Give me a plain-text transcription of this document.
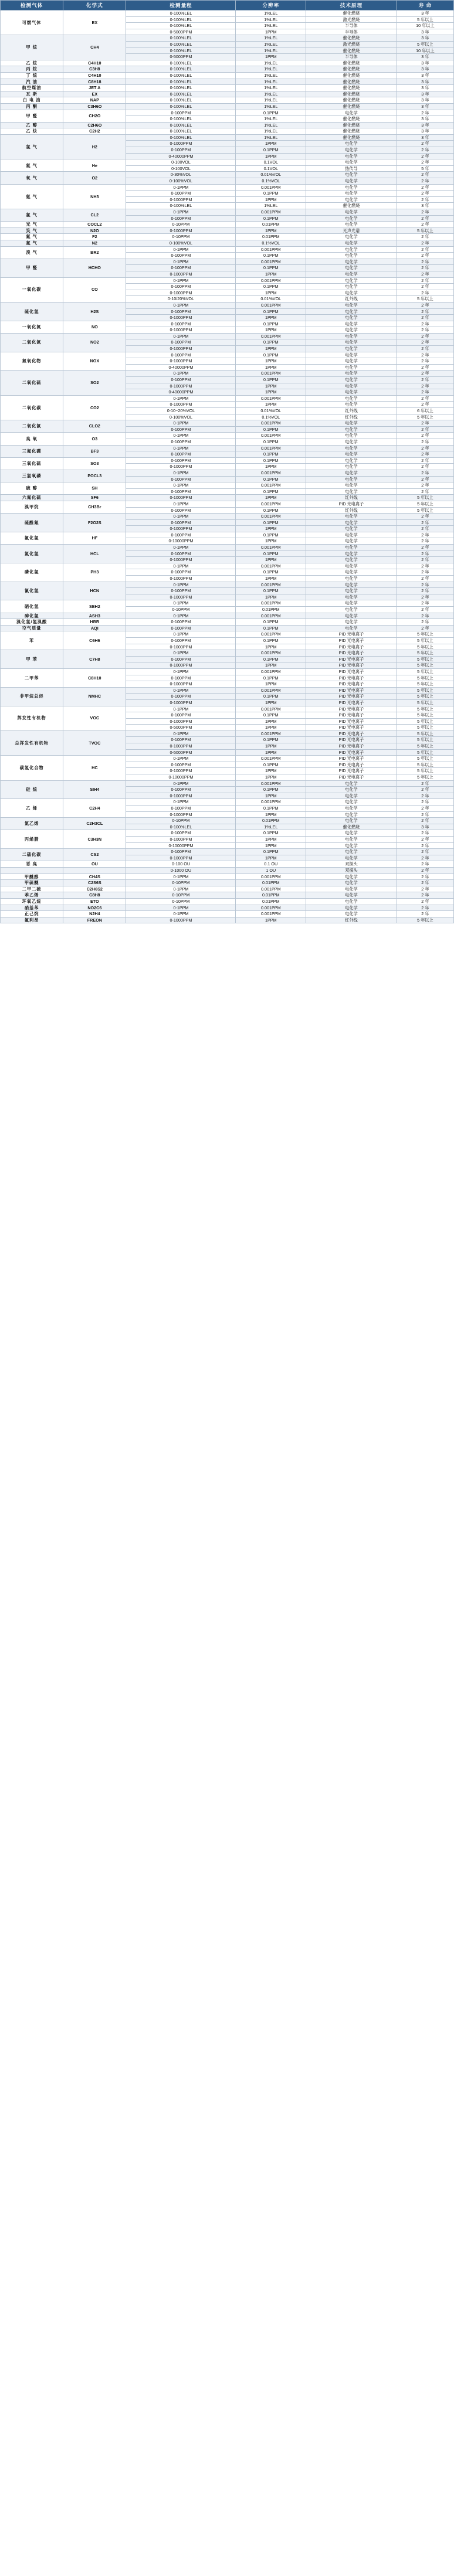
检测气体	化学式	检测量程	分辨率	技术原理	寿 命
可燃气体	EX	0-100%LEL	1%LEL	催化燃烧	3 年
		0-100%LEL	1%LEL	激光燃烧	5 年以上
		0-100%LEL	1%LEL	半导体	10 年以上
		0-5000PPM	1PPM	半导体	3 年
甲 烷	CH4	0-100%LEL	1%LEL	催化燃烧	3 年
		0-100%LEL	1%LEL	激光燃烧	5 年以上
		0-100%LEL	1%LEL	催化燃烧	10 年以上
		0-5000PPM	1PPM	半导体	3 年
乙 烷	C4H10	0-100%LEL	1%LEL	催化燃烧	3 年
丙 烷	C3H8	0-100%LEL	1%LEL	催化燃烧	3 年
丁 烷	C4H10	0-100%LEL	1%LEL	催化燃烧	3 年
汽 油	C8H18	0-100%LEL	1%LEL	催化燃烧	3 年
航空煤油	JET A	0-100%LEL	1%LEL	催化燃烧	3 年
瓦 斯	EX	0-100%LEL	1%LEL	催化燃烧	3 年
白 电 油	NAP	0-100%LEL	1%LEL	催化燃烧	3 年
丙 酮	C3H6O	0-100%LEL	1%LEL	催化燃烧	3 年
甲 醛	CH2O	0-100PPM	0.1PPM	电化学	2 年
		0-100%LEL	1%LEL	催化燃烧	3 年
乙 醇	C2H6O	0-100%LEL	1%LEL	催化燃烧	3 年
乙 炔	C2H2	0-100%LEL	1%LEL	催化燃烧	3 年
氢 气	H2	0-100%LEL	1%LEL	催化燃烧	3 年
		0-1000PPM	1PPM	电化学	2 年
		0-100PPM	0.1PPM	电化学	2 年
		0-40000PPM	1PPM	电化学	2 年
氦 气	He	0-100VOL	0.1VOL	电化学	2 年
		0-100VOL	0.1VOL	热传导	5 年
氧 气	O2	0-30%VOL	0.01%VOL	电化学	2 年
		0-100%VOL	0.1%VOL	电化学	2 年
氨 气	NH3	0-1PPM	0.001PPM	电化学	2 年
		0-100PPM	0.1PPM	电化学	2 年
		0-1000PPM	1PPM	电化学	2 年
		0-100%LEL	1%LEL	催化燃烧	3 年
氯 气	CL2	0-1PPM	0.001PPM	电化学	2 年
		0-100PPM	0.1PPM	电化学	2 年
光 气	COCL2	0-10PPM	0.01PPM	电化学	2 年
笑 气	N2O	0-1000PPM	1PPM	光声光谱	5 年以上
氟 气	F2	0-10PPM	0.01PPM	电化学	2 年
氮 气	N2	0-100%VOL	0.1%VOL	电化学	2 年
溴 气	BR2	0-1PPM	0.001PPM	电化学	2 年
		0-100PPM	0.1PPM	电化学	2 年
甲 醛	HCHO	0-1PPM	0.001PPM	电化学	2 年
		0-100PPM	0.1PPM	电化学	2 年
		0-1000PPM	1PPM	电化学	2 年
一氧化碳	CO	0-1PPM	0.001PPM	电化学	2 年
		0-100PPM	0.1PPM	电化学	2 年
		0-1000PPM	1PPM	电化学	2 年
		0-10/20%VOL	0.01%VOL	红外线	5 年以上
硫化氢	H2S	0-1PPM	0.001PPM	电化学	2 年
		0-100PPM	0.1PPM	电化学	2 年
		0-1000PPM	1PPM	电化学	2 年
一氧化氮	NO	0-100PPM	0.1PPM	电化学	2 年
		0-1000PPM	1PPM	电化学	2 年
二氧化氮	NO2	0-1PPM	0.001PPM	电化学	2 年
		0-100PPM	0.1PPM	电化学	2 年
		0-1000PPM	1PPM	电化学	2 年
氮氧化物	NOX	0-100PPM	0.1PPM	电化学	2 年
		0-1000PPM	1PPM	电化学	2 年
		0-40000PPM	1PPM	电化学	2 年
二氧化硫	SO2	0-1PPM	0.001PPM	电化学	2 年
		0-100PPM	0.1PPM	电化学	2 年
		0-1000PPM	1PPM	电化学	2 年
		0-40000PPM	1PPM	电化学	2 年
二氧化碳	CO2	0-1PPM	0.001PPM	电化学	2 年
		0-1000PPM	1PPM	电化学	2 年
		0-10~20%VOL	0.01%VOL	红外线	6 年以上
		0-100%VOL	0.1%VOL	红外线	5 年以上
二氧化氯	CLO2	0-1PPM	0.001PPM	电化学	2 年
		0-100PPM	0.1PPM	电化学	2 年
臭 氧	O3	0-1PPM	0.001PPM	电化学	2 年
		0-100PPM	0.1PPM	电化学	2 年
三氟化硼	BF3	0-1PPM	0.001PPM	电化学	2 年
		0-100PPM	0.1PPM	电化学	2 年
三氧化硫	SO3	0-100PPM	0.1PPM	电化学	2 年
		0-1000PPM	1PPM	电化学	2 年
三氯氧磷	POCL3	0-1PPM	0.001PPM	电化学	2 年
		0-100PPM	0.1PPM	电化学	2 年
硫 醇	SH	0-1PPM	0.001PPM	电化学	2 年
		0-100PPM	0.1PPM	电化学	2 年
六氟化硫	SF6	0-1000PPM	1PPM	红外线	5 年以上
溴甲烷	CH3Br	0-1PPM	0.001PPM	PID 光电离子	5 年以上
		0-100PPM	0.1PPM	红外线	5 年以上
硫酰氟	F2O2S	0-1PPM	0.001PPM	电化学	2 年
		0-100PPM	0.1PPM	电化学	2 年
		0-1000PPM	1PPM	电化学	2 年
氟化氢	HF	0-100PPM	0.1PPM	电化学	2 年
		0-10000PPM	1PPM	电化学	2 年
氯化氢	HCL	0-1PPM	0.001PPM	电化学	2 年
		0-100PPM	0.1PPM	电化学	2 年
		0-1000PPM	1PPM	电化学	2 年
磷化氢	PH3	0-1PPM	0.001PPM	电化学	2 年
		0-100PPM	0.1PPM	电化学	2 年
		0-1000PPM	1PPM	电化学	2 年
氰化氢	HCN	0-1PPM	0.001PPM	电化学	2 年
		0-100PPM	0.1PPM	电化学	2 年
		0-1000PPM	1PPM	电化学	2 年
硒化氢	SEH2	0-1PPM	0.001PPM	电化学	2 年
		0-10PPM	0.01PPM	电化学	2 年
砷化氢	ASH3	0-1PPM	0.001PPM	电化学	2 年
溴化氢/氢溴酸	HBR	0-100PPM	0.1PPM	电化学	2 年
空气质量	AQI	0-100PPM	0.1PPM	电化学	2 年
苯	C6H6	0-1PPM	0.001PPM	PID 光电离子	5 年以上
		0-100PPM	0.1PPM	PID 光电离子	5 年以上
		0-1000PPM	1PPM	PID 光电离子	5 年以上
甲 苯	C7H8	0-1PPM	0.001PPM	PID 光电离子	5 年以上
		0-100PPM	0.1PPM	PID 光电离子	5 年以上
		0-1000PPM	1PPM	PID 光电离子	5 年以上
二甲苯	C8H10	0-1PPM	0.001PPM	PID 光电离子	5 年以上
		0-100PPM	0.1PPM	PID 光电离子	5 年以上
		0-1000PPM	1PPM	PID 光电离子	5 年以上
非甲烷总烃	NMHC	0-1PPM	0.001PPM	PID 光电离子	5 年以上
		0-100PPM	0.1PPM	PID 光电离子	5 年以上
		0-1000PPM	1PPM	PID 光电离子	5 年以上
挥发性有机物	VOC	0-1PPM	0.001PPM	PID 光电离子	5 年以上
		0-100PPM	0.1PPM	PID 光电离子	5 年以上
		0-1000PPM	1PPM	PID 光电离子	5 年以上
		0-5000PPM	1PPM	PID 光电离子	5 年以上
总挥发性有机物	TVOC	0-1PPM	0.001PPM	PID 光电离子	5 年以上
		0-100PPM	0.1PPM	PID 光电离子	5 年以上
		0-1000PPM	1PPM	PID 光电离子	5 年以上
		0-5000PPM	1PPM	PID 光电离子	5 年以上
碳氢化合物	HC	0-1PPM	0.001PPM	PID 光电离子	5 年以上
		0-100PPM	0.1PPM	PID 光电离子	5 年以上
		0-1000PPM	1PPM	PID 光电离子	5 年以上
		0-10000PPM	1PPM	PID 光电离子	5 年以上
硅 烷	SIH4	0-1PPM	0.001PPM	电化学	2 年
		0-100PPM	0.1PPM	电化学	2 年
		0-1000PPM	1PPM	电化学	2 年
乙 烯	C2H4	0-1PPM	0.001PPM	电化学	2 年
		0-100PPM	0.1PPM	电化学	2 年
		0-1000PPM	1PPM	电化学	2 年
氯乙烯	C2H3CL	0-10PPM	0.01PPM	电化学	2 年
		0-100%LEL	1%LEL	催化燃烧	3 年
丙烯腈	C3H3N	0-100PPM	0.1PPM	电化学	2 年
		0-1000PPM	1PPM	电化学	2 年
		0-10000PPM	1PPM	电化学	2 年
二硫化碳	CS2	0-100PPM	0.1PPM	电化学	2 年
		0-1000PPM	1PPM	电化学	2 年
恶 臭	OU	0-100 OU	0.1 OU	双探头	2 年
		0-1000 OU	1 OU	双探头	2 年
甲醚醇	CH4S	0-1PPM	0.001PPM	电化学	2 年
甲硫醚	C2S6S	0-10PPM	0.01PPM	电化学	2 年
二甲二硫	C2H6S2	0-1PPM	0.001PPM	电化学	2 年
苯乙烯	C8H8	0-10PPM	0.01PPM	电化学	2 年
环氧乙烷	ETO	0-10PPM	0.01PPM	电化学	2 年
硝基苯	NO2C6	0-1PPM	0.001PPM	电化学	2 年
正己烷	N2H4	0-1PPM	0.001PPM	电化学	2 年
氟利昂	FREON	0-1000PPM	1PPM	红外线	5 年以上
